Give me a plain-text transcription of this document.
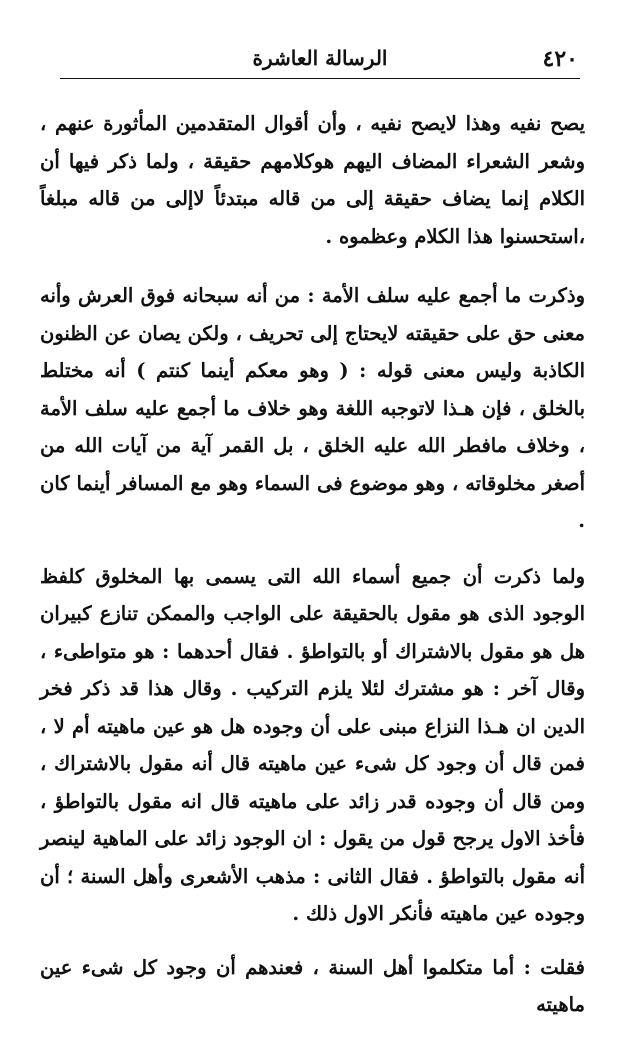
٤٢٠
الرسالة العاشرة

يصح نفيه وهذا لايصح نفيه ، وأن أقوال المتقدمين المأثورة عنهم ، وشعر الشعراء المضاف اليهم هوكلامهم حقيقة ، ولما ذكر فيها أن الكلام إنما يضاف حقيقة إلى من قاله مبتدئاً لاإلى من قاله مبلغاً ،استحسنوا هذا الكلام وعظموه .

وذكرت ما أجمع عليه سلف الأمة : من أنه سبحانه فوق العرش وأنه معنى حق على حقيقته لايحتاج إلى تحريف ، ولكن يصان عن الظنون الكاذبة وليس معنى قوله : ( وهو معكم أينما كنتم ) أنه مختلط بالخلق ، فإن هـذا لاتوجبه اللغة وهو خلاف ما أجمع عليه سلف الأمة ، وخلاف مافطر الله عليه الخلق ، بل القمر آية من آيات الله من أصغر مخلوقاته ، وهو موضوع فى السماء وهو مع المسافر أينما كان .

ولما ذكرت أن جميع أسماء الله التى يسمى بها المخلوق كلفظ الوجود الذى هو مقول بالحقيقة على الواجب والممكن تنازع كبيران هل هو مقول بالاشتراك أو بالتواطؤ . فقال أحدهما : هو متواطىء ، وقال آخر : هو مشترك لئلا يلزم التركيب . وقال هذا قد ذكر فخر الدين ان هـذا النزاع مبنى على أن وجوده هل هو عين ماهيته أم لا ، فمن قال أن وجود كل شىء عين ماهيته قال أنه مقول بالاشتراك ، ومن قال أن وجوده قدر زائد على ماهيته قال انه مقول بالتواطؤ ، فأخذ الاول يرجح قول من يقول : ان الوجود زائد على الماهية لينصر أنه مقول بالتواطؤ . فقال الثانى : مذهب الأشعرى وأهل السنة ؛ أن وجوده عين ماهيته فأنكر الاول ذلك .

فقلت : أما متكلموا أهل السنة ، فعندهم أن وجود كل شىء عين ماهيته
